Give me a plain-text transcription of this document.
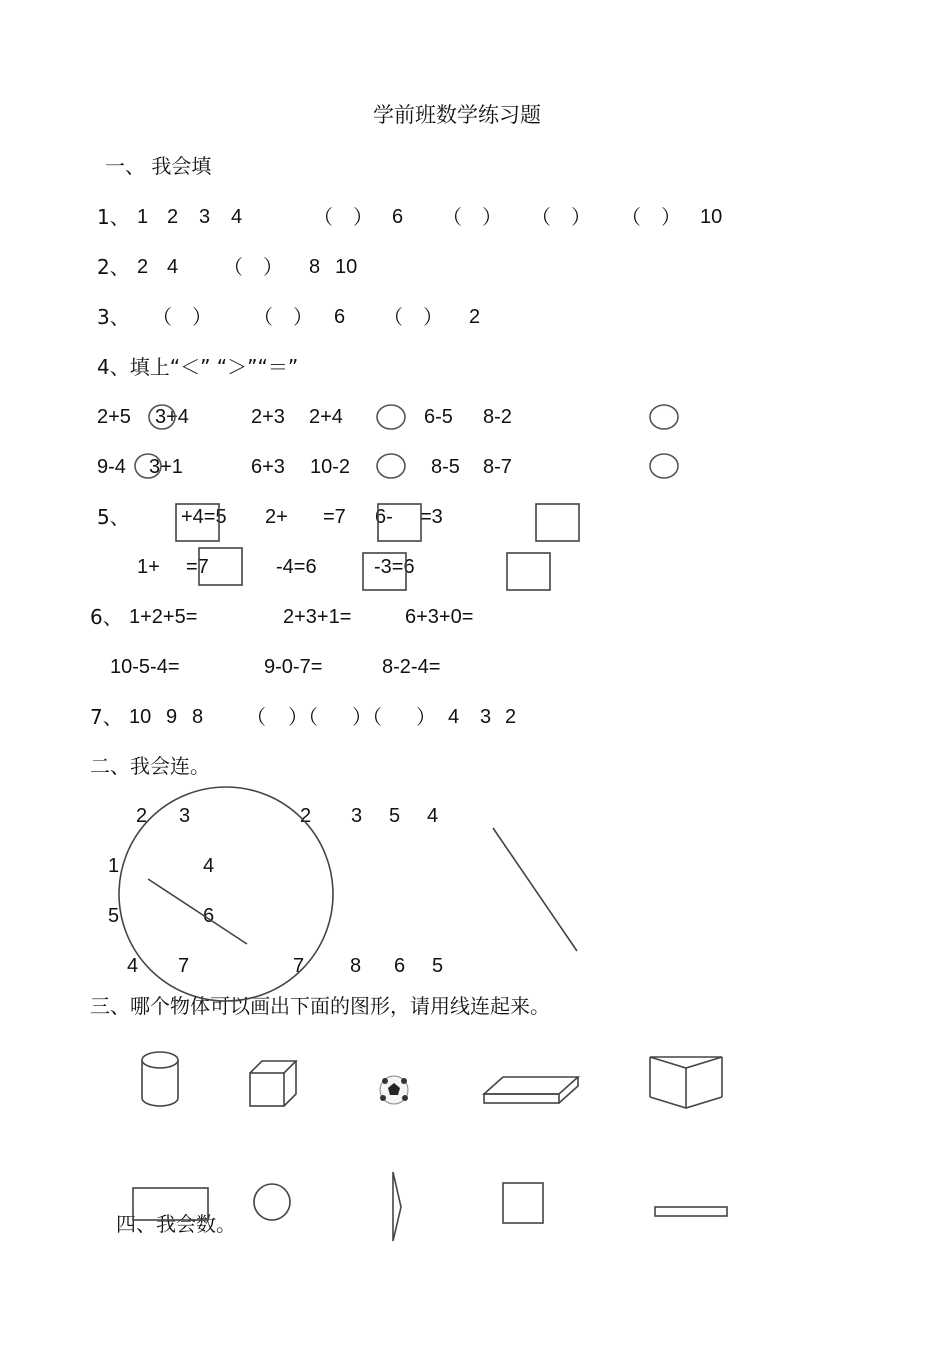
学前班数学练习题
一、 我会填
1、 1 2 3 4	（　） 6 （　） （　） （　） 10
2、 2 4 （　） 8 10
3、 （　） （　） 6 （　） 2
4、填上“＜” “＞”“＝”
2+5 3+4	2+3 2+4	6-5 8-2
9-4 3+1	6+3 10-2	8-5 8-7
5、	+4=5 2+ =7 6- =3
1+ =7	-4=6	-3=6
6、 1+2+5=	2+3+1=	6+3+0=
10-5-4=	9-0-7=	8-2-4=
7、 10 9 8 （ ）（ ）（ ） 4 3 2
二、我会连。
2 3
1	4
5	6
4 7
2 3 5 4
7 8 6 5
三、哪个物体可以画出下面的图形，请用线连起来。
四、我会数。
